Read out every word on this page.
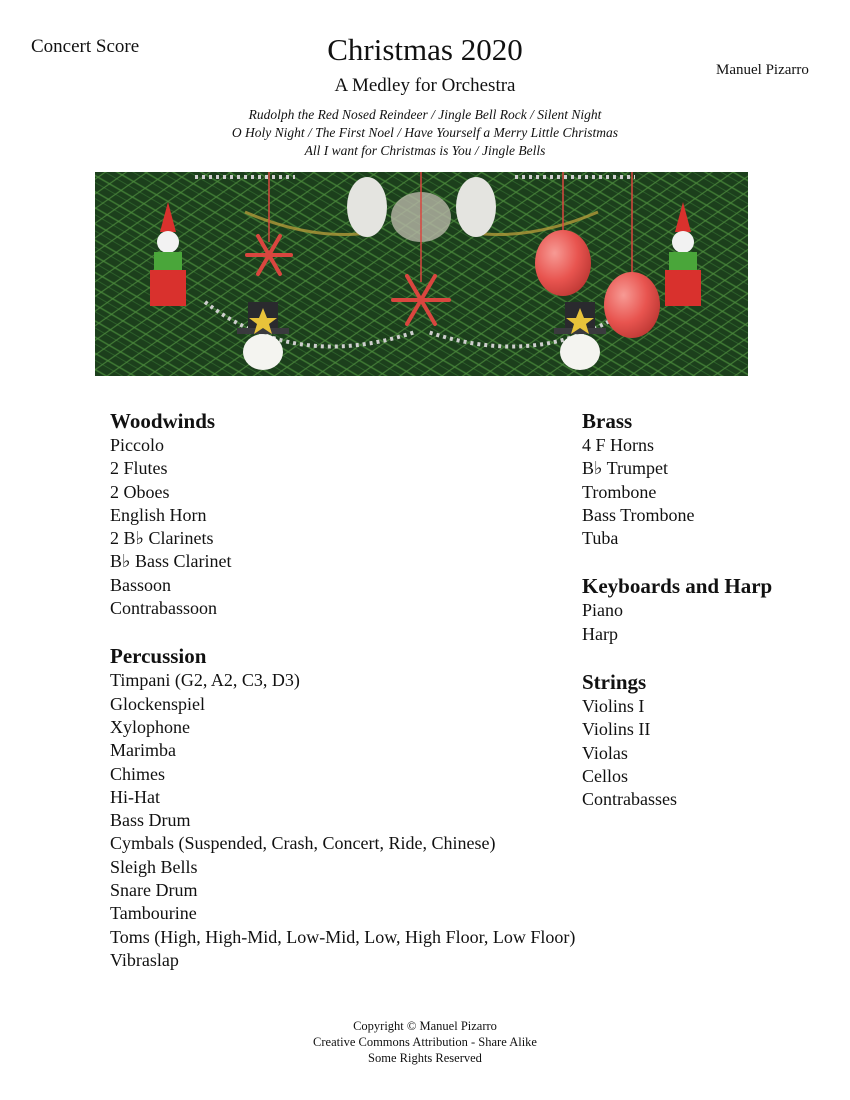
Concert Score	Christmas 2020
A Medley for Orchestra
Manuel Pizarro
Rudolph the Red Nosed Reindeer / Jingle Bell Rock / Silent Night
O Holy Night / The First Noel / Have Yourself a Merry Little Christmas
All I want for Christmas is You / Jingle Bells
Woodwinds
Piccolo
2 Flutes
2 Oboes
English Horn
2 B♭ Clarinets
B♭ Bass Clarinet
Bassoon
Contrabassoon
Percussion
Timpani (G2, A2, C3, D3)
Glockenspiel
Xylophone
Marimba
Chimes
Hi-Hat
Bass Drum
Cymbals (Suspended, Crash, Concert, Ride, Chinese)
Sleigh Bells
Snare Drum
Tambourine
Toms (High, High-Mid, Low-Mid, Low, High Floor, Low Floor)
Vibraslap
Brass
4 F Horns
B♭ Trumpet
Trombone
Bass Trombone
Tuba
Keyboards and Harp
Piano
Harp
Strings
Violins I
Violins II
Violas
Cellos
Contrabasses
Copyright © Manuel Pizarro
Creative Commons Attribution - Share Alike
Some Rights Reserved
